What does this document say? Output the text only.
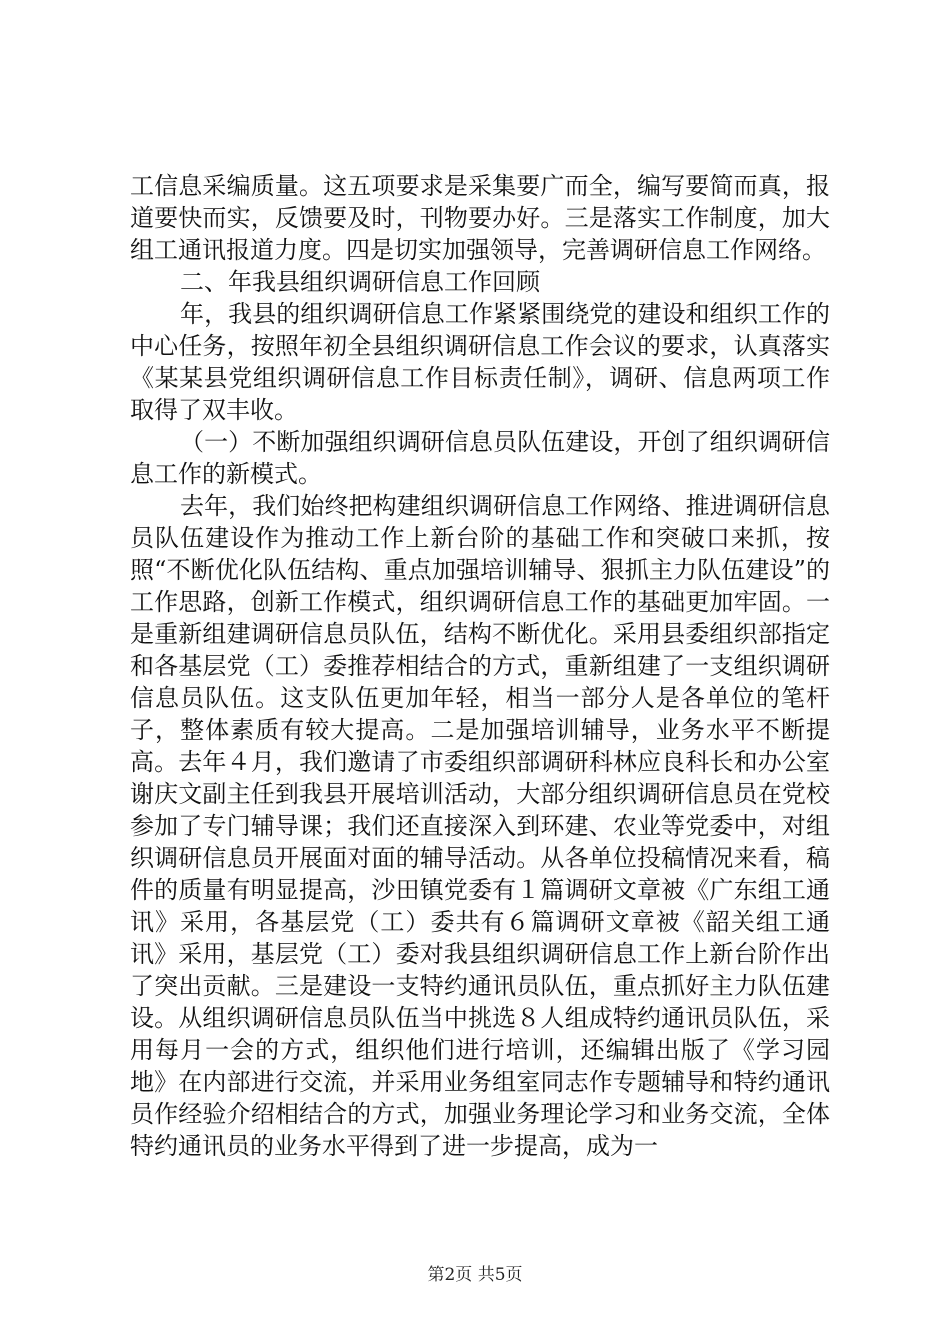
工信息采编质量。这五项要求是采集要广而全，编写要简而真，报道要快而实，反馈要及时，刊物要办好。三是落实工作制度，加大组工通讯报道力度。四是切实加强领导，完善调研信息工作网络。

二、年我县组织调研信息工作回顾

年，我县的组织调研信息工作紧紧围绕党的建设和组织工作的中心任务，按照年初全县组织调研信息工作会议的要求，认真落实《某某县党组织调研信息工作目标责任制》，调研、信息两项工作取得了双丰收。

（一）不断加强组织调研信息员队伍建设，开创了组织调研信息工作的新模式。

去年，我们始终把构建组织调研信息工作网络、推进调研信息员队伍建设作为推动工作上新台阶的基础工作和突破口来抓，按照“不断优化队伍结构、重点加强培训辅导、狠抓主力队伍建设”的工作思路，创新工作模式，组织调研信息工作的基础更加牢固。一是重新组建调研信息员队伍，结构不断优化。采用县委组织部指定和各基层党（工）委推荐相结合的方式，重新组建了一支组织调研信息员队伍。这支队伍更加年轻，相当一部分人是各单位的笔杆子，整体素质有较大提高。二是加强培训辅导，业务水平不断提高。去年４月，我们邀请了市委组织部调研科林应良科长和办公室谢庆文副主任到我县开展培训活动，大部分组织调研信息员在党校参加了专门辅导课；我们还直接深入到环建、农业等党委中，对组织调研信息员开展面对面的辅导活动。从各单位投稿情况来看，稿件的质量有明显提高，沙田镇党委有１篇调研文章被《广东组工通讯》采用，各基层党（工）委共有６篇调研文章被《韶关组工通讯》采用，基层党（工）委对我县组织调研信息工作上新台阶作出了突出贡献。三是建设一支特约通讯员队伍，重点抓好主力队伍建设。从组织调研信息员队伍当中挑选８人组成特约通讯员队伍，采用每月一会的方式，组织他们进行培训，还编辑出版了《学习园地》在内部进行交流，并采用业务组室同志作专题辅导和特约通讯员作经验介绍相结合的方式，加强业务理论学习和业务交流，全体特约通讯员的业务水平得到了进一步提高，成为一

第2页 共5页
